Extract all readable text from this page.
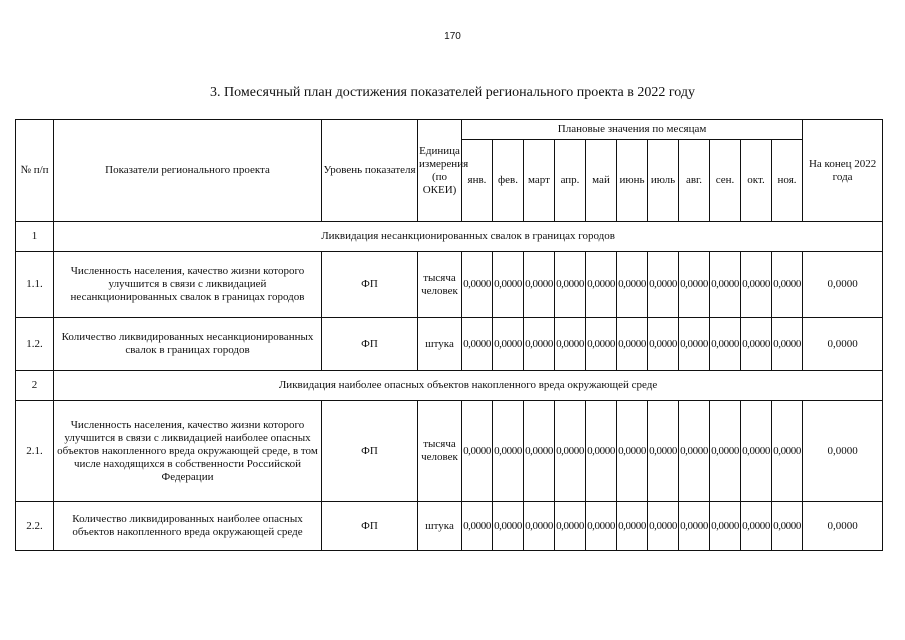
170
3. Помесячный план достижения показателей регионального проекта в 2022 году
№ п/п	Показатели регионального проекта	Уровень показателя	Единица измерения (по ОКЕИ)	Плановые значения по месяцам											На конец 2022 года
				янв.	фев.	март	апр.	май	июнь	июль	авг.	сен.	окт.	ноя.	
1	Ликвидация несанкционированных свалок в границах городов														
1.1.	Численность населения, качество жизни которого улучшится в связи с ликвидацией несанкционированных свалок в границах городов	ФП	тысяча человек	0,0000	0,0000	0,0000	0,0000	0,0000	0,0000	0,0000	0,0000	0,0000	0,0000	0,0000	0,0000
1.2.	Количество ликвидированных несанкционированных свалок в границах городов	ФП	штука	0,0000	0,0000	0,0000	0,0000	0,0000	0,0000	0,0000	0,0000	0,0000	0,0000	0,0000	0,0000
2	Ликвидация наиболее опасных объектов накопленного вреда окружающей среде														
2.1.	Численность населения, качество жизни которого улучшится в связи с ликвидацией наиболее опасных объектов накопленного вреда окружающей среде, в том числе находящихся в собственности Российской Федерации	ФП	тысяча человек	0,0000	0,0000	0,0000	0,0000	0,0000	0,0000	0,0000	0,0000	0,0000	0,0000	0,0000	0,0000
2.2.	Количество ликвидированных наиболее опасных объектов накопленного вреда окружающей среде	ФП	штука	0,0000	0,0000	0,0000	0,0000	0,0000	0,0000	0,0000	0,0000	0,0000	0,0000	0,0000	0,0000
